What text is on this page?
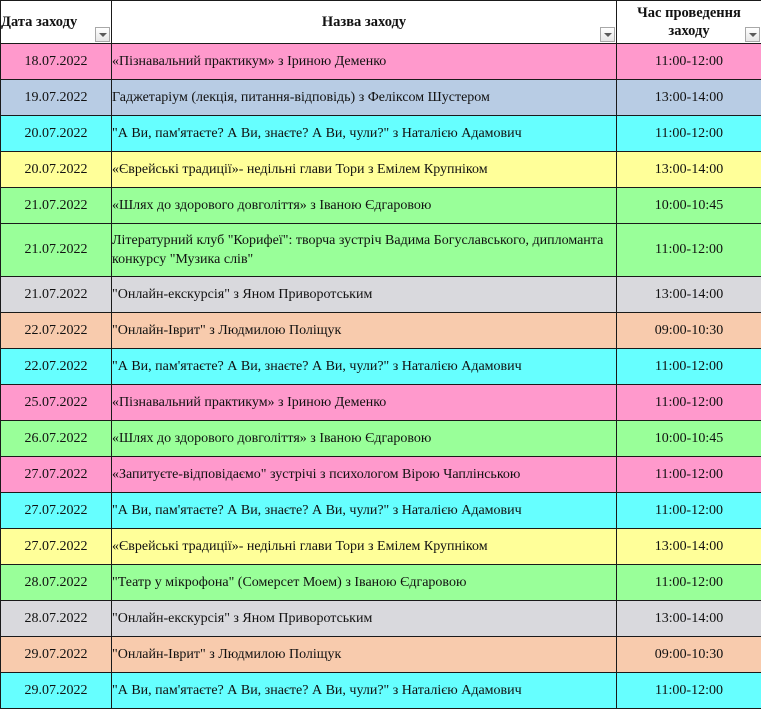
Дата заходу	Назва заходу	Час проведення заходу

18.07.2022	«Пізнавальний практикум» з Іриною Деменко	11:00-12:00
19.07.2022	Гаджетаріум (лекція, питання-відповідь) з Феліксом Шустером	13:00-14:00
20.07.2022	"А Ви, пам'ятаєте? А Ви, знаєте? А Ви, чули?" з Наталією Адамович	11:00-12:00
20.07.2022	«Єврейські традиції»- недільні глави Тори з Емілем Крупніком	13:00-14:00
21.07.2022	«Шлях до здорового довголіття» з Іваною Єдгаровою	10:00-10:45
21.07.2022	Літературний клуб "Корифеї": творча зустріч Вадима Богуславського, дипломанта конкурсу "Музика слів"	11:00-12:00
21.07.2022	"Онлайн-екскурсія" з Яном Приворотським	13:00-14:00
22.07.2022	"Онлайн-Іврит" з Людмилою Поліщук	09:00-10:30
22.07.2022	"А Ви, пам'ятаєте? А Ви, знаєте? А Ви, чули?" з Наталією Адамович	11:00-12:00
25.07.2022	«Пізнавальний практикум» з Іриною Деменко	11:00-12:00
26.07.2022	«Шлях до здорового довголіття» з Іваною Єдгаровою	10:00-10:45
27.07.2022	«Запитуєте-відповідаємо" зустрічі з психологом Вірою Чаплінською	11:00-12:00
27.07.2022	"А Ви, пам'ятаєте? А Ви, знаєте? А Ви, чули?" з Наталією Адамович	11:00-12:00
27.07.2022	«Єврейські традиції»- недільні глави Тори з Емілем Крупніком	13:00-14:00
28.07.2022	"Театр у мікрофона" (Сомерсет Моем) з Іваною Єдгаровою	11:00-12:00
28.07.2022	"Онлайн-екскурсія" з Яном Приворотським	13:00-14:00
29.07.2022	"Онлайн-Іврит" з Людмилою Поліщук	09:00-10:30
29.07.2022	"А Ви, пам'ятаєте? А Ви, знаєте? А Ви, чули?" з Наталією Адамович	11:00-12:00
